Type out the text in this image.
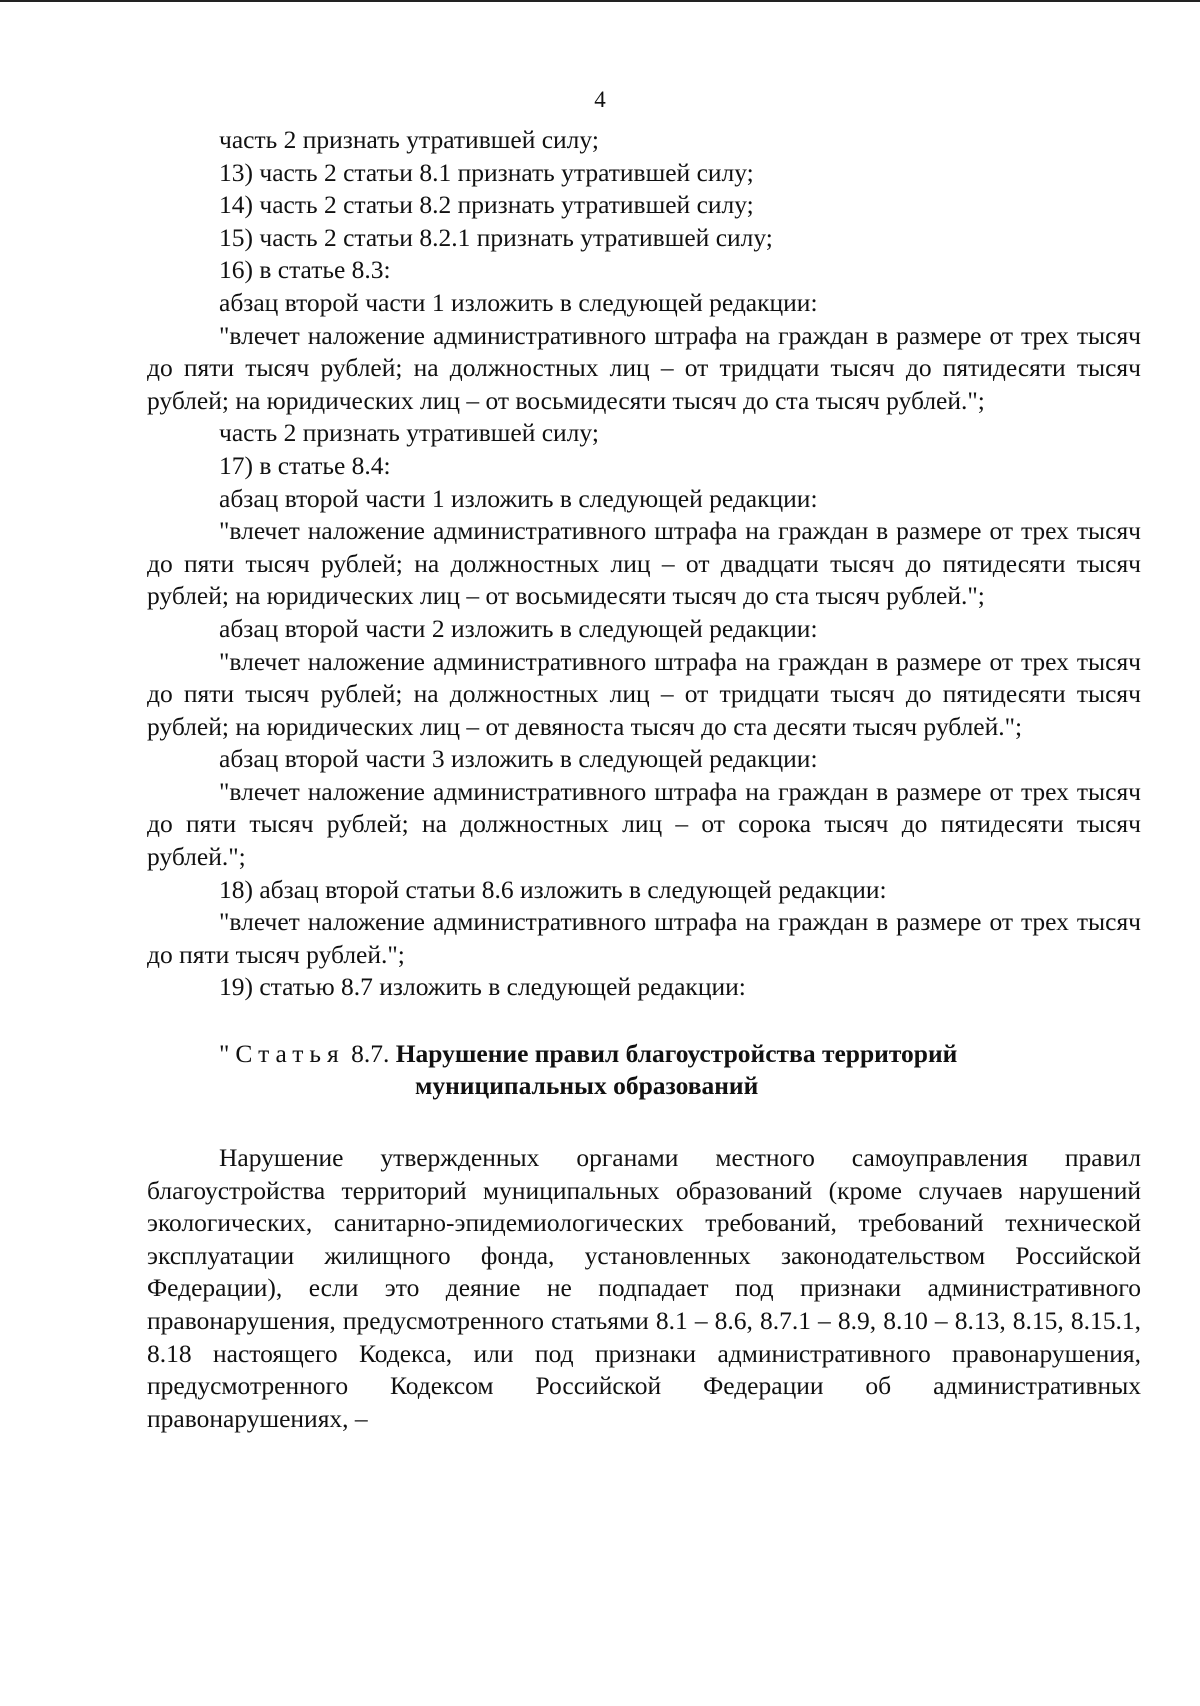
4

часть 2 признать утратившей силу;

13) часть 2 статьи 8.1 признать утратившей силу;

14) часть 2 статьи 8.2 признать утратившей силу;

15) часть 2 статьи 8.2.1 признать утратившей силу;

16) в статье 8.3:

абзац второй части 1 изложить в следующей редакции:

"влечет наложение административного штрафа на граждан в размере от трех тысяч до пяти тысяч рублей; на должностных лиц – от тридцати тысяч до пятидесяти тысяч рублей; на юридических лиц – от восьмидесяти тысяч до ста тысяч рублей.";

часть 2 признать утратившей силу;

17) в статье 8.4:

абзац второй части 1 изложить в следующей редакции:

"влечет наложение административного штрафа на граждан в размере от трех тысяч до пяти тысяч рублей; на должностных лиц – от двадцати тысяч до пятидесяти тысяч рублей; на юридических лиц – от восьмидесяти тысяч до ста тысяч рублей.";

абзац второй части 2 изложить в следующей редакции:

"влечет наложение административного штрафа на граждан в размере от трех тысяч до пяти тысяч рублей; на должностных лиц – от тридцати тысяч до пятидесяти тысяч рублей; на юридических лиц – от девяноста тысяч до ста десяти тысяч рублей.";

абзац второй части 3 изложить в следующей редакции:

"влечет наложение административного штрафа на граждан в размере от трех тысяч до пяти тысяч рублей; на должностных лиц – от сорока тысяч до пятидесяти тысяч рублей.";

18) абзац второй статьи 8.6 изложить в следующей редакции:

"влечет наложение административного штрафа на граждан в размере от трех тысяч до пяти тысяч рублей.";

19) статью 8.7 изложить в следующей редакции:

"Статья 8.7. Нарушение правил благоустройства территорий
муниципальных образований

Нарушение утвержденных органами местного самоуправления правил благоустройства территорий муниципальных образований (кроме случаев нарушений экологических, санитарно-эпидемиологических требований, требований технической эксплуатации жилищного фонда, установленных законодательством Российской Федерации), если это деяние не подпадает под признаки административного правонарушения, предусмотренного статьями 8.1 – 8.6, 8.7.1 – 8.9, 8.10 – 8.13, 8.15, 8.15.1, 8.18 настоящего Кодекса, или под признаки административного правонарушения, предусмотренного Кодексом Российской Федерации об административных правонарушениях, –
